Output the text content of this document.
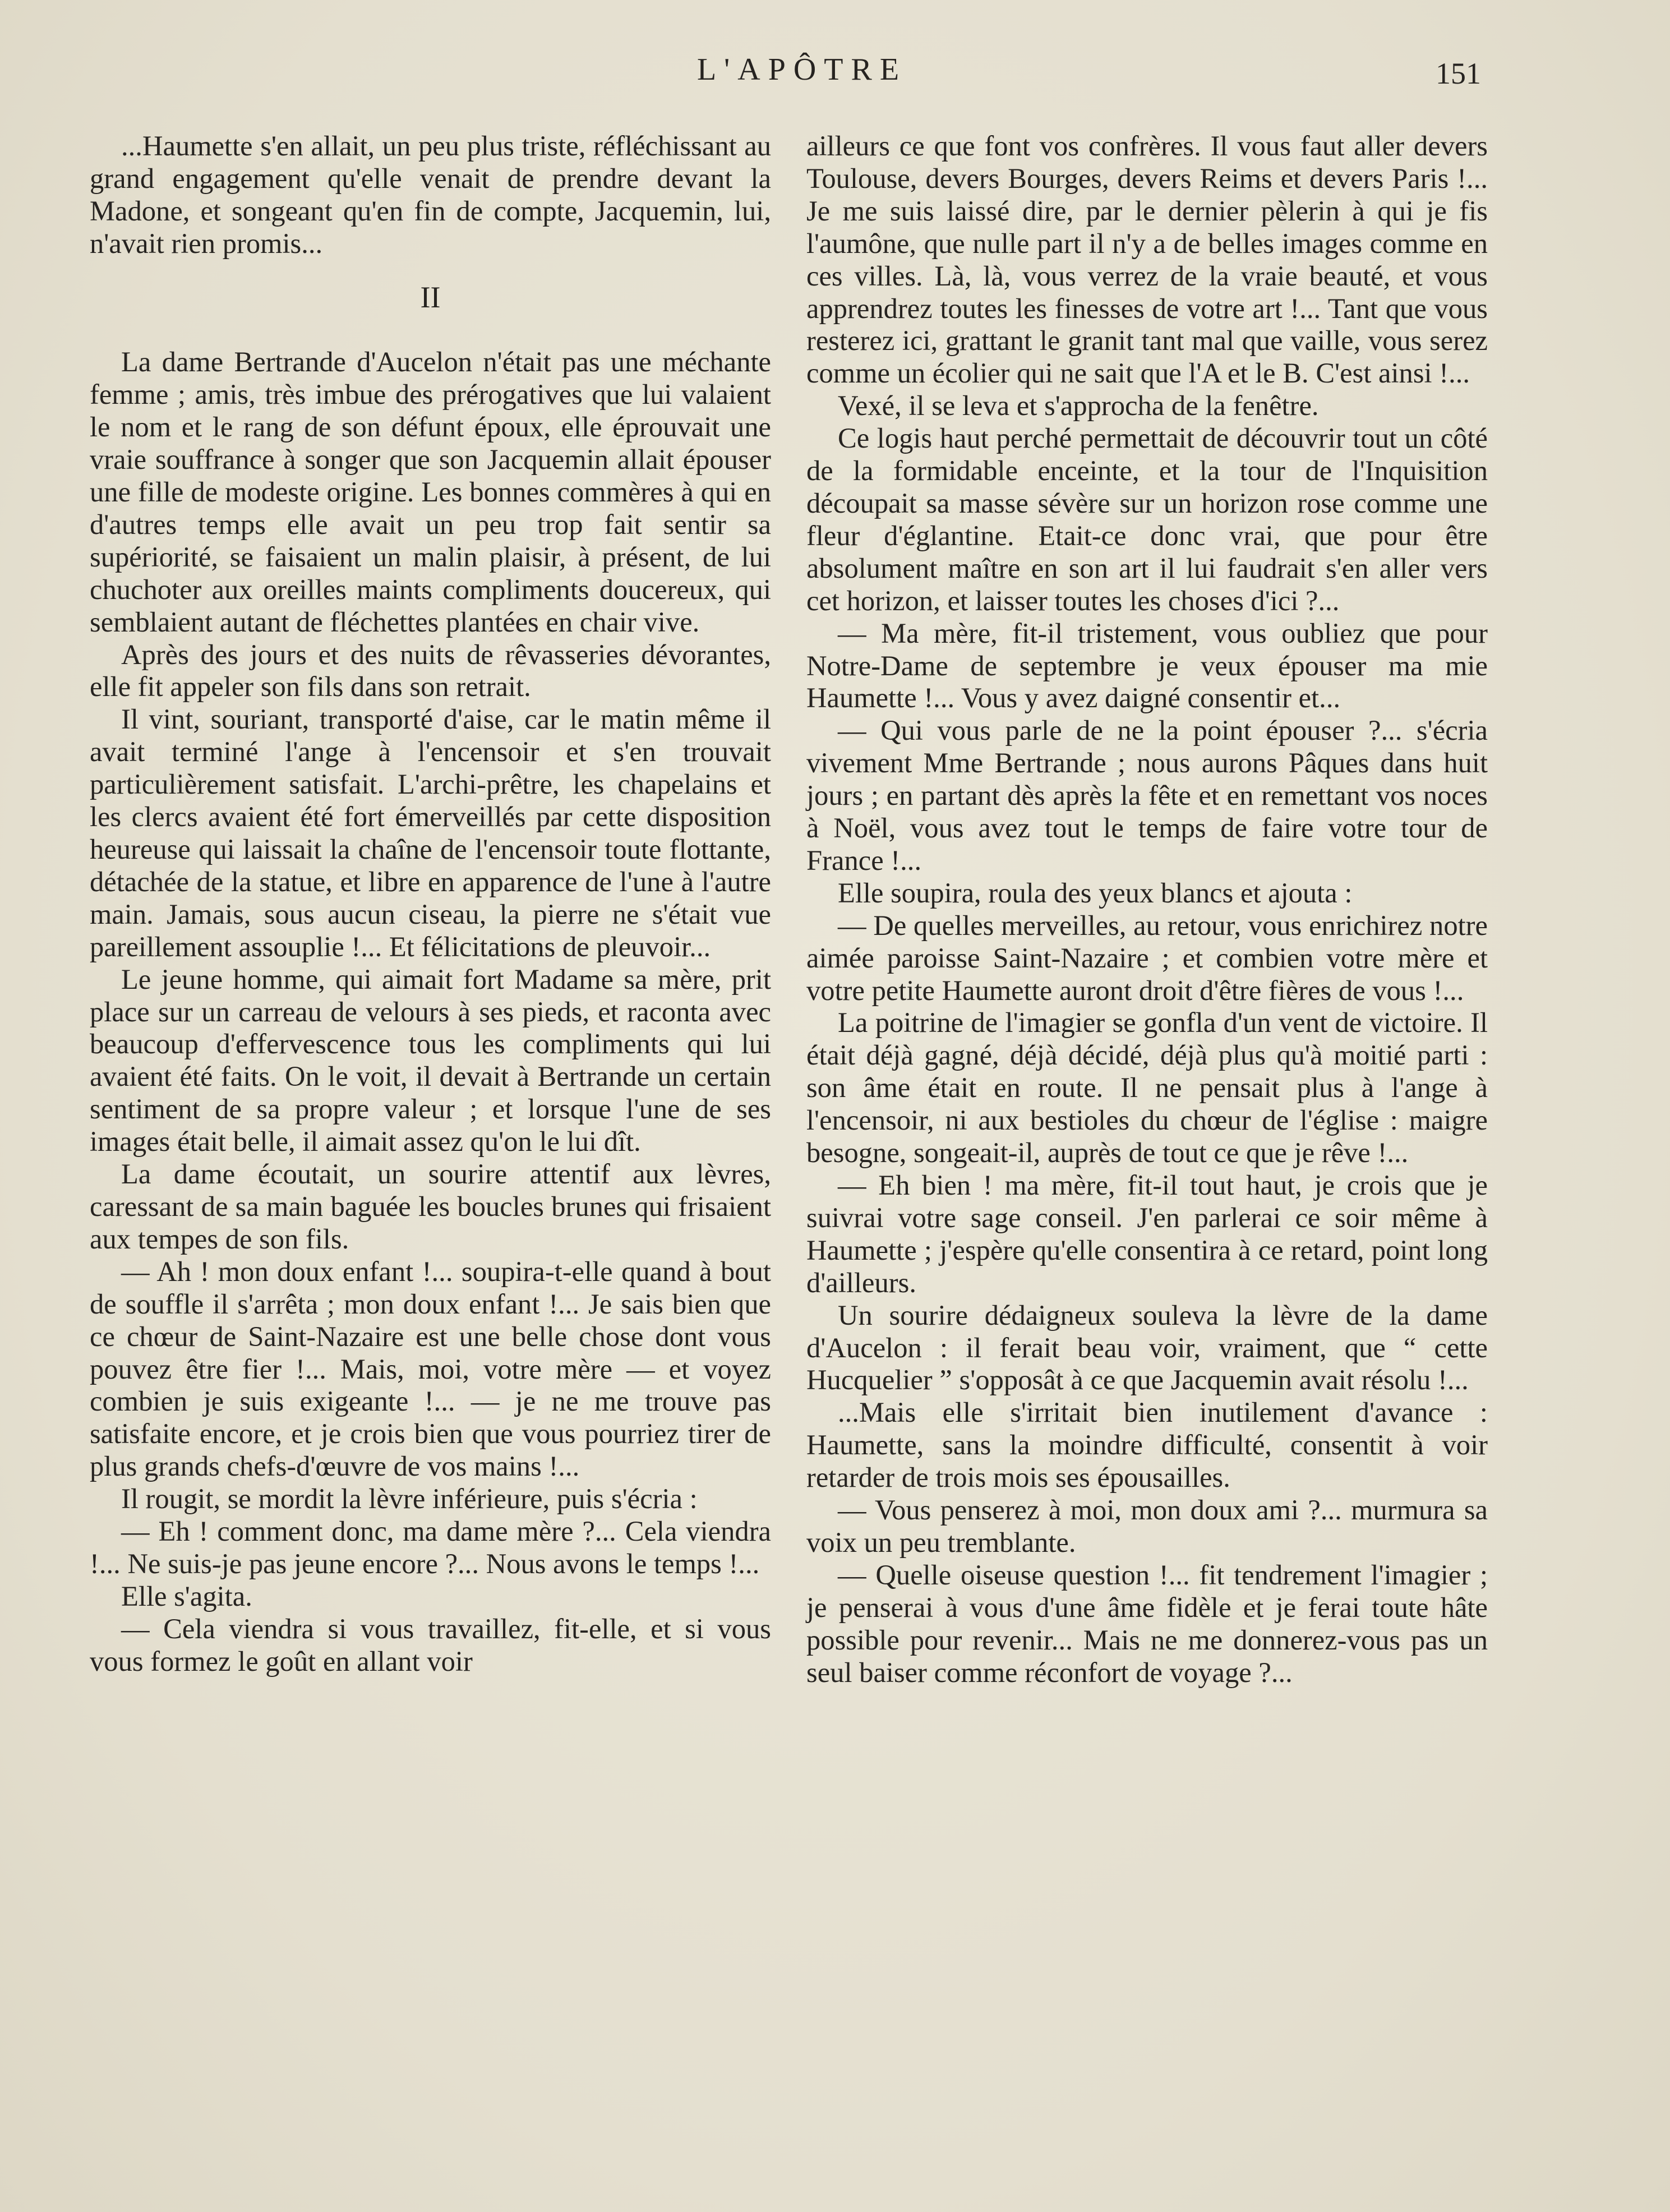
L'APÔTRE	151

...Haumette s'en allait, un peu plus triste, réfléchissant au grand engagement qu'elle venait de prendre devant la Madone, et songeant qu'en fin de compte, Jacquemin, lui, n'avait rien promis...

II

La dame Bertrande d'Aucelon n'était pas une méchante femme ; amis, très imbue des prérogatives que lui valaient le nom et le rang de son défunt époux, elle éprouvait une vraie souffrance à songer que son Jacquemin allait épouser une fille de modeste origine. Les bonnes commères à qui en d'autres temps elle avait un peu trop fait sentir sa supériorité, se faisaient un malin plaisir, à présent, de lui chuchoter aux oreilles maints compliments doucereux, qui semblaient autant de fléchettes plantées en chair vive.

Après des jours et des nuits de rêvasseries dévorantes, elle fit appeler son fils dans son retrait.

Il vint, souriant, transporté d'aise, car le matin même il avait terminé l'ange à l'encensoir et s'en trouvait particulièrement satisfait. L'archi-prêtre, les chapelains et les clercs avaient été fort émerveillés par cette disposition heureuse qui laissait la chaîne de l'encensoir toute flottante, détachée de la statue, et libre en apparence de l'une à l'autre main. Jamais, sous aucun ciseau, la pierre ne s'était vue pareillement assouplie !... Et félicitations de pleuvoir...

Le jeune homme, qui aimait fort Madame sa mère, prit place sur un carreau de velours à ses pieds, et raconta avec beaucoup d'effervescence tous les compliments qui lui avaient été faits. On le voit, il devait à Bertrande un certain sentiment de sa propre valeur ; et lorsque l'une de ses images était belle, il aimait assez qu'on le lui dît.

La dame écoutait, un sourire attentif aux lèvres, caressant de sa main baguée les boucles brunes qui frisaient aux tempes de son fils.

— Ah ! mon doux enfant !... soupira-t-elle quand à bout de souffle il s'arrêta ; mon doux enfant !... Je sais bien que ce chœur de Saint-Nazaire est une belle chose dont vous pouvez être fier !... Mais, moi, votre mère — et voyez combien je suis exigeante !... — je ne me trouve pas satisfaite encore, et je crois bien que vous pourriez tirer de plus grands chefs-d'œuvre de vos mains !...

Il rougit, se mordit la lèvre inférieure, puis s'écria :

— Eh ! comment donc, ma dame mère ?... Cela viendra !... Ne suis-je pas jeune encore ?... Nous avons le temps !...

Elle s'agita.

— Cela viendra si vous travaillez, fit-elle, et si vous vous formez le goût en allant voir

ailleurs ce que font vos confrères. Il vous faut aller devers Toulouse, devers Bourges, devers Reims et devers Paris !... Je me suis laissé dire, par le dernier pèlerin à qui je fis l'aumône, que nulle part il n'y a de belles images comme en ces villes. Là, là, vous verrez de la vraie beauté, et vous apprendrez toutes les finesses de votre art !... Tant que vous resterez ici, grattant le granit tant mal que vaille, vous serez comme un écolier qui ne sait que l'A et le B. C'est ainsi !...

Vexé, il se leva et s'approcha de la fenêtre.

Ce logis haut perché permettait de découvrir tout un côté de la formidable enceinte, et la tour de l'Inquisition découpait sa masse sévère sur un horizon rose comme une fleur d'églantine. Etait-ce donc vrai, que pour être absolument maître en son art il lui faudrait s'en aller vers cet horizon, et laisser toutes les choses d'ici ?...

— Ma mère, fit-il tristement, vous oubliez que pour Notre-Dame de septembre je veux épouser ma mie Haumette !... Vous y avez daigné consentir et...

— Qui vous parle de ne la point épouser ?... s'écria vivement Mme Bertrande ; nous aurons Pâques dans huit jours ; en partant dès après la fête et en remettant vos noces à Noël, vous avez tout le temps de faire votre tour de France !...

Elle soupira, roula des yeux blancs et ajouta :

— De quelles merveilles, au retour, vous enrichirez notre aimée paroisse Saint-Nazaire ; et combien votre mère et votre petite Haumette auront droit d'être fières de vous !...

La poitrine de l'imagier se gonfla d'un vent de victoire. Il était déjà gagné, déjà décidé, déjà plus qu'à moitié parti : son âme était en route. Il ne pensait plus à l'ange à l'encensoir, ni aux bestioles du chœur de l'église : maigre besogne, songeait-il, auprès de tout ce que je rêve !...

— Eh bien ! ma mère, fit-il tout haut, je crois que je suivrai votre sage conseil. J'en parlerai ce soir même à Haumette ; j'espère qu'elle consentira à ce retard, point long d'ailleurs.

Un sourire dédaigneux souleva la lèvre de la dame d'Aucelon : il ferait beau voir, vraiment, que “ cette Hucquelier ” s'opposât à ce que Jacquemin avait résolu !...

...Mais elle s'irritait bien inutilement d'avance : Haumette, sans la moindre difficulté, consentit à voir retarder de trois mois ses épousailles.

— Vous penserez à moi, mon doux ami ?... murmura sa voix un peu tremblante.

— Quelle oiseuse question !... fit tendrement l'imagier ; je penserai à vous d'une âme fidèle et je ferai toute hâte possible pour revenir... Mais ne me donnerez-vous pas un seul baiser comme réconfort de voyage ?...
